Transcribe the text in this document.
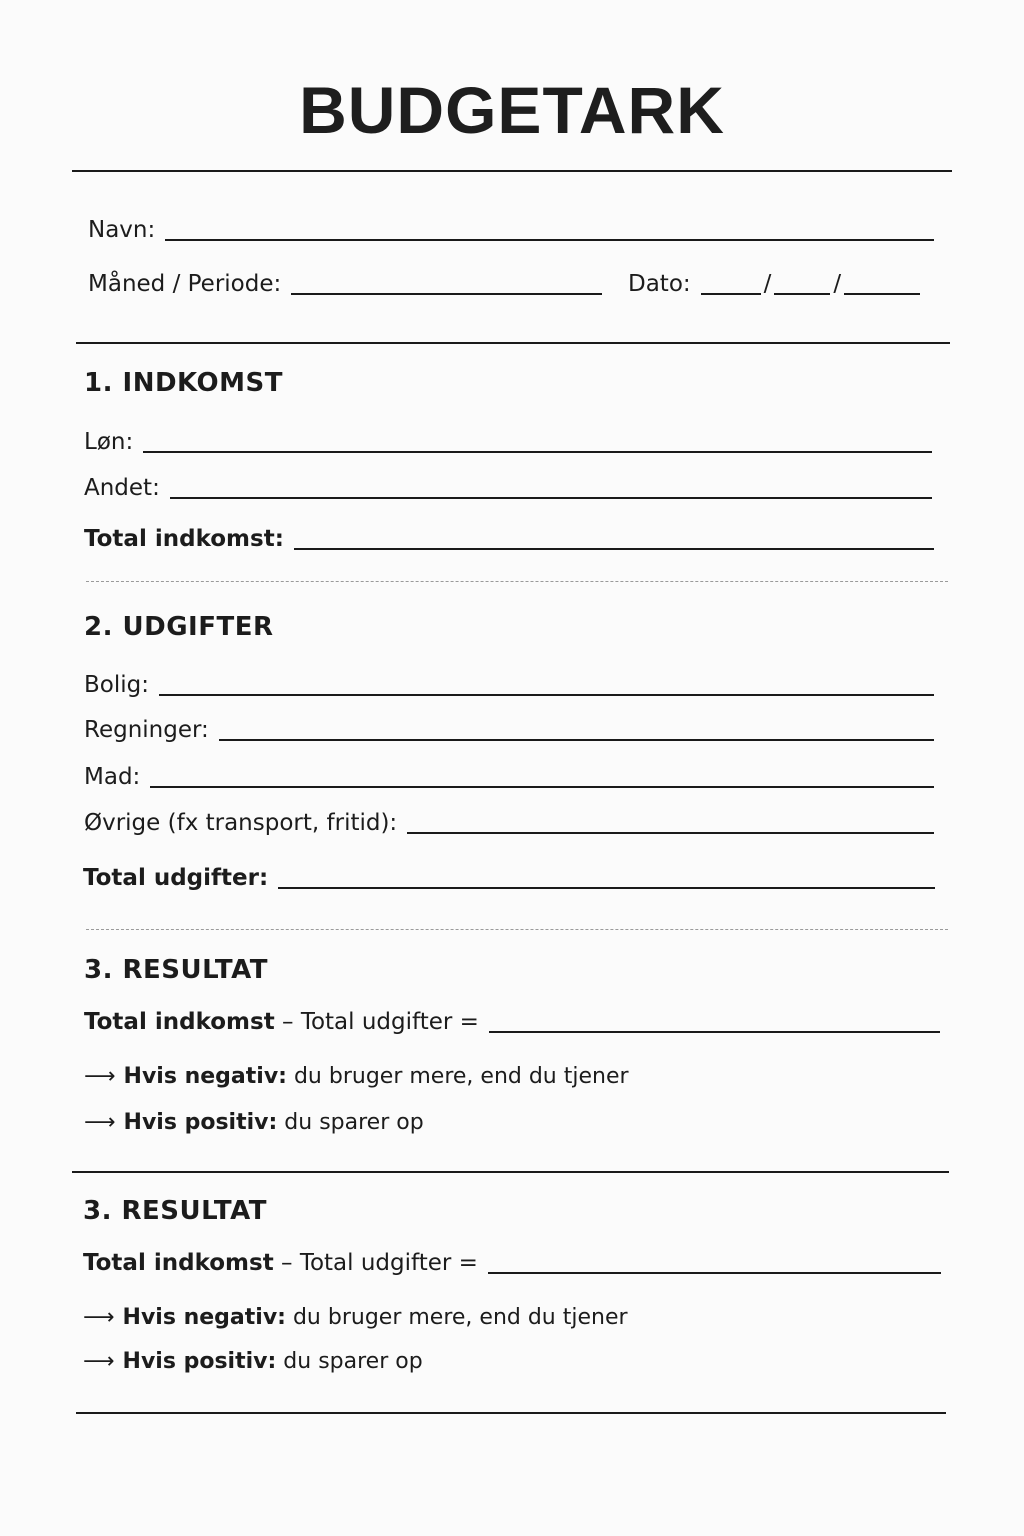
BUDGETARK
Navn:
Måned / Periode:	Dato:	/	/
1. INDKOMST
Løn:
Andet:
Total indkomst:
2. UDGIFTER
Bolig:
Regninger:
Mad:
Øvrige (fx transport, fritid):
Total udgifter:
3. RESULTAT
Total indkomst – Total udgifter =
⟶ Hvis negativ: du bruger mere, end du tjener
⟶ Hvis positiv: du sparer op
3. RESULTAT
Total indkomst – Total udgifter =
⟶ Hvis negativ: du bruger mere, end du tjener
⟶ Hvis positiv: du sparer op
